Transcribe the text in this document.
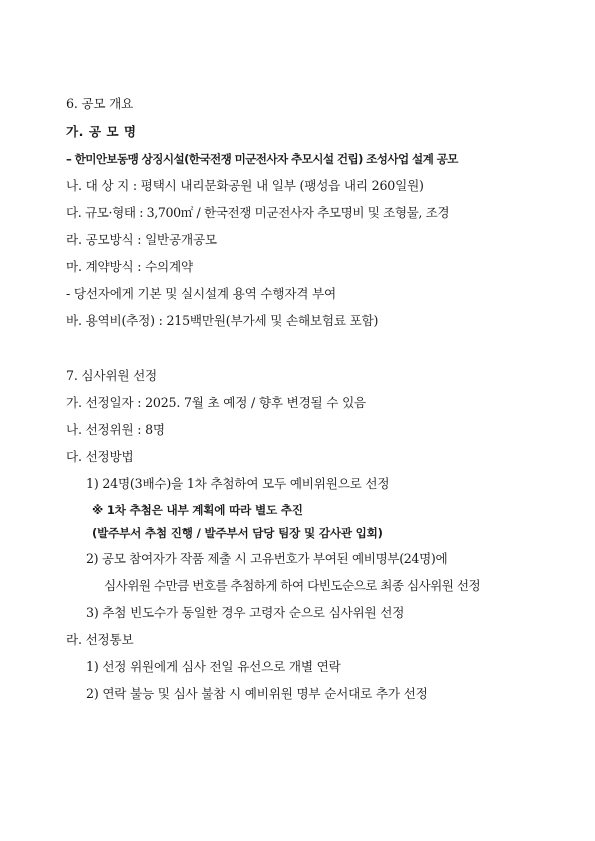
6. 공모 개요
가. 공 모 명
– 한미안보동맹 상징시설(한국전쟁 미군전사자 추모시설 건립) 조성사업 설계 공모
나. 대 상 지 : 평택시 내리문화공원 내 일부 (팽성읍 내리 260일원)
다. 규모·형태 : 3,700㎡ / 한국전쟁 미군전사자 추모명비 및 조형물, 조경
라. 공모방식 : 일반공개공모
마. 계약방식 : 수의계약
- 당선자에게 기본 및 실시설계 용역 수행자격 부여
바. 용역비(추정) : 215백만원(부가세 및 손해보험료 포함)
7. 심사위원 선정
가. 선정일자 : 2025. 7월 초 예정 / 향후 변경될 수 있음
나. 선정위원 : 8명
다. 선정방법
1) 24명(3배수)을 1차 추첨하여 모두 예비위원으로 선정
※ 1차 추첨은 내부 계획에 따라 별도 추진
(발주부서 추첨 진행 / 발주부서 담당 팀장 및 감사관 입회)
2) 공모 참여자가 작품 제출 시 고유번호가 부여된 예비명부(24명)에
심사위원 수만큼 번호를 추첨하게 하여 다빈도순으로 최종 심사위원 선정
3) 추첨 빈도수가 동일한 경우 고령자 순으로 심사위원 선정
라. 선정통보
1) 선정 위원에게 심사 전일 유선으로 개별 연락
2) 연락 불능 및 심사 불참 시 예비위원 명부 순서대로 추가 선정
